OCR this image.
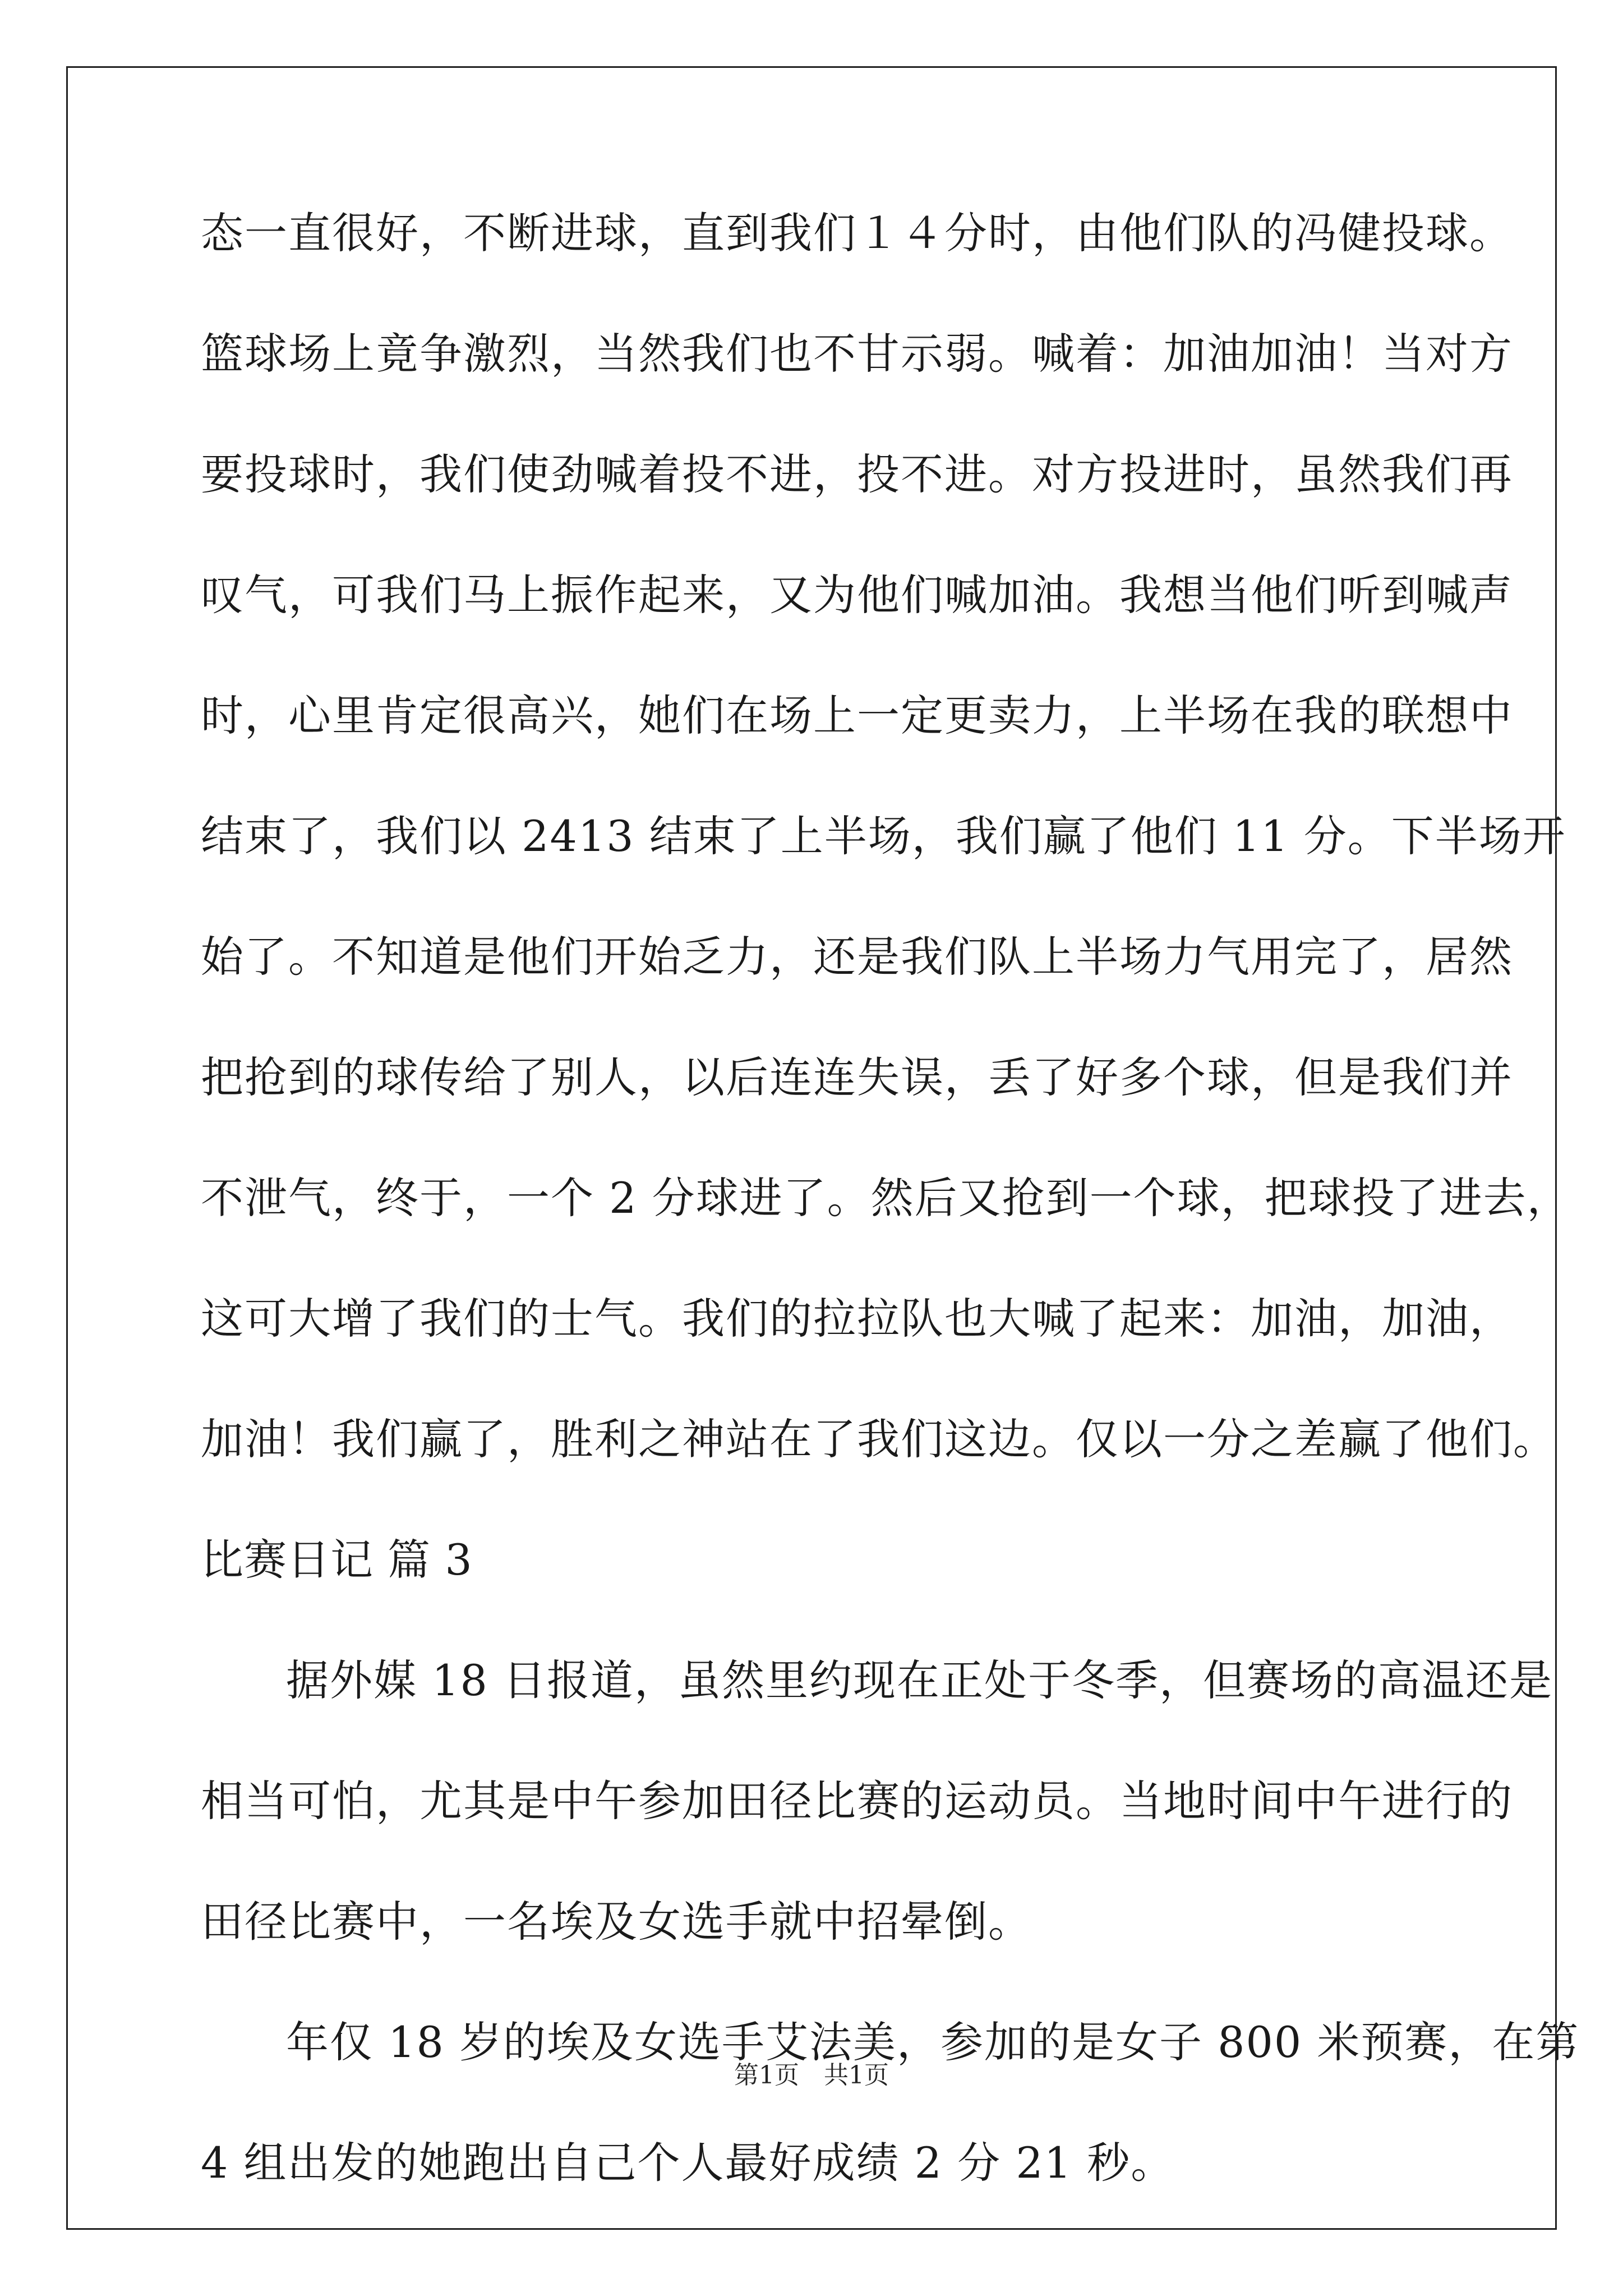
态一直很好，不断进球，直到我们１４分时，由他们队的冯健投球。
篮球场上竟争激烈，当然我们也不甘示弱。喊着：加油加油！当对方
要投球时，我们使劲喊着投不进，投不进。对方投进时，虽然我们再
叹气，可我们马上振作起来，又为他们喊加油。我想当他们听到喊声
时，心里肯定很高兴，她们在场上一定更卖力，上半场在我的联想中
结束了，我们以 2413 结束了上半场，我们赢了他们 11 分。下半场开
始了。不知道是他们开始乏力，还是我们队上半场力气用完了，居然
把抢到的球传给了别人，以后连连失误，丢了好多个球，但是我们并
不泄气，终于，一个 2 分球进了。然后又抢到一个球，把球投了进去，
这可大增了我们的士气。我们的拉拉队也大喊了起来：加油，加油，
加油！我们赢了，胜利之神站在了我们这边。仅以一分之差赢了他们。
比赛日记 篇 3
据外媒 18 日报道，虽然里约现在正处于冬季，但赛场的高温还是
相当可怕，尤其是中午参加田径比赛的运动员。当地时间中午进行的
田径比赛中，一名埃及女选手就中招晕倒。
年仅 18 岁的埃及女选手艾法美，参加的是女子 800 米预赛，在第
4 组出发的她跑出自己个人最好成绩 2 分 21 秒。
第1页　共1页
